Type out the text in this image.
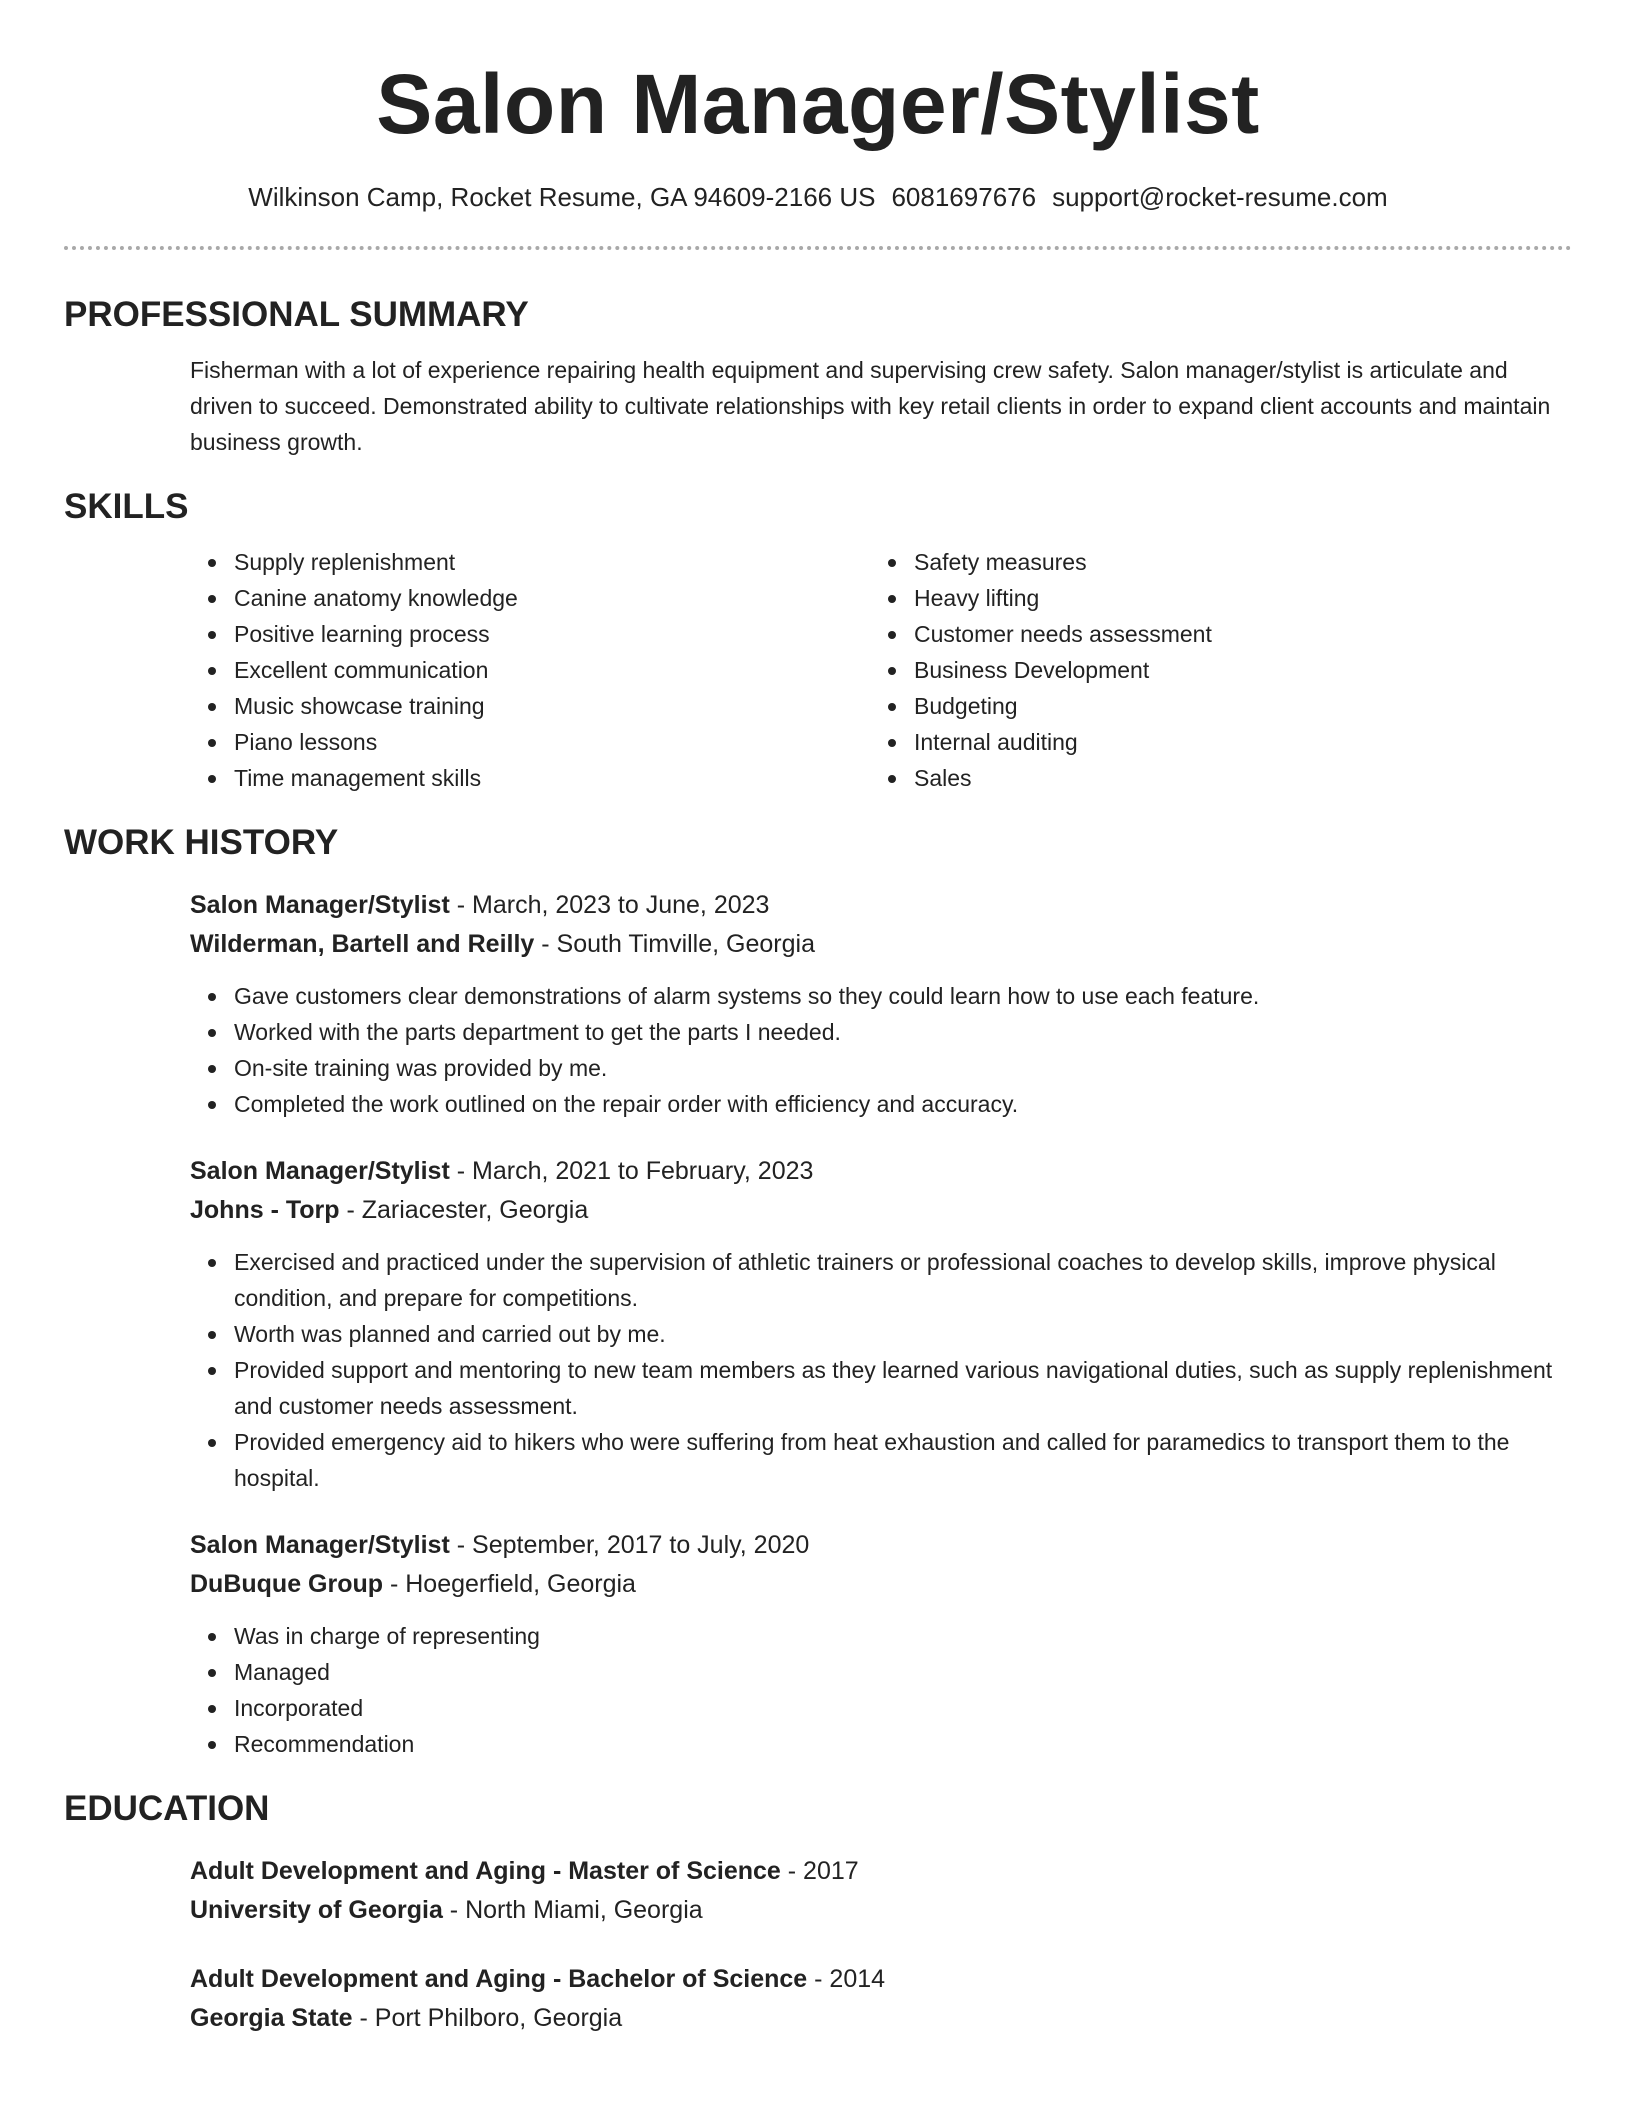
Salon Manager/Stylist
Wilkinson Camp, Rocket Resume, GA 94609-2166 US 6081697676 support@rocket-resume.com
PROFESSIONAL SUMMARY
Fisherman with a lot of experience repairing health equipment and supervising crew safety. Salon manager/stylist is articulate and driven to succeed. Demonstrated ability to cultivate relationships with key retail clients in order to expand client accounts and maintain business growth.
SKILLS
Supply replenishment
Canine anatomy knowledge
Positive learning process
Excellent communication
Music showcase training
Piano lessons
Time management skills
Safety measures
Heavy lifting
Customer needs assessment
Business Development
Budgeting
Internal auditing
Sales
WORK HISTORY
Salon Manager/Stylist - March, 2023 to June, 2023
Wilderman, Bartell and Reilly - South Timville, Georgia
Gave customers clear demonstrations of alarm systems so they could learn how to use each feature.
Worked with the parts department to get the parts I needed.
On-site training was provided by me.
Completed the work outlined on the repair order with efficiency and accuracy.
Salon Manager/Stylist - March, 2021 to February, 2023
Johns - Torp - Zariacester, Georgia
Exercised and practiced under the supervision of athletic trainers or professional coaches to develop skills, improve physical condition, and prepare for competitions.
Worth was planned and carried out by me.
Provided support and mentoring to new team members as they learned various navigational duties, such as supply replenishment and customer needs assessment.
Provided emergency aid to hikers who were suffering from heat exhaustion and called for paramedics to transport them to the hospital.
Salon Manager/Stylist - September, 2017 to July, 2020
DuBuque Group - Hoegerfield, Georgia
Was in charge of representing
Managed
Incorporated
Recommendation
EDUCATION
Adult Development and Aging - Master of Science - 2017
University of Georgia - North Miami, Georgia
Adult Development and Aging - Bachelor of Science - 2014
Georgia State - Port Philboro, Georgia
